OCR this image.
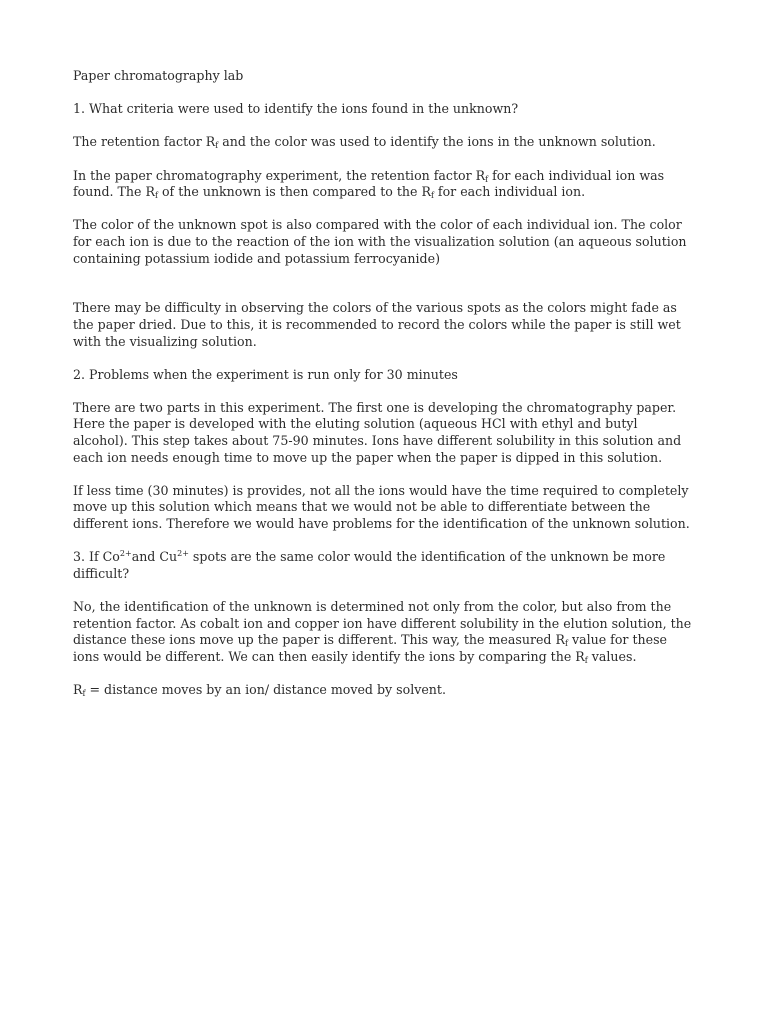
Paper chromatography lab

1. What criteria were used to identify the ions found in the unknown?

The retention factor $R_f$ and the color was used to identify the ions in the unknown solution.

In the paper chromatography experiment, the retention factor $R_f$ for each individual ion was found. The $R_f$ of the unknown is then compared to the $R_f$ for each individual ion.

The color of the unknown spot is also compared with the color of each individual ion. The color for each ion is due to the reaction of the ion with the visualization solution (an aqueous solution containing potassium iodide and potassium ferrocyanide)

There may be difficulty in observing the colors of the various spots as the colors might fade as the paper dried. Due to this, it is recommended to record the colors while the paper is still wet with the visualizing solution.

2. Problems when the experiment is run only for 30 minutes

There are two parts in this experiment. The first one is developing the chromatography paper. Here the paper is developed with the eluting solution (aqueous HCl with ethyl and butyl alcohol). This step takes about 75-90 minutes. Ions have different solubility in this solution and each ion needs enough time to move up the paper when the paper is dipped in this solution.

If less time (30 minutes) is provides, not all the ions would have the time required to completely move up this solution which means that we would not be able to differentiate between the different ions. Therefore we would have problems for the identification of the unknown solution.

3. If $Co^{2+}and$ $Cu^{2+}$ spots are the same color would the identification of the unknown be more difficult?

No, the identification of the unknown is determined not only from the color, but also from the retention factor. As cobalt ion and copper ion have different solubility in the elution solution, the distance these ions move up the paper is different. This way, the measured $R_f$ value for these ions would be different. We can then easily identify the ions by comparing the $R_f$ values.

$R_f$ = distance moves by an ion/ distance moved by solvent.
